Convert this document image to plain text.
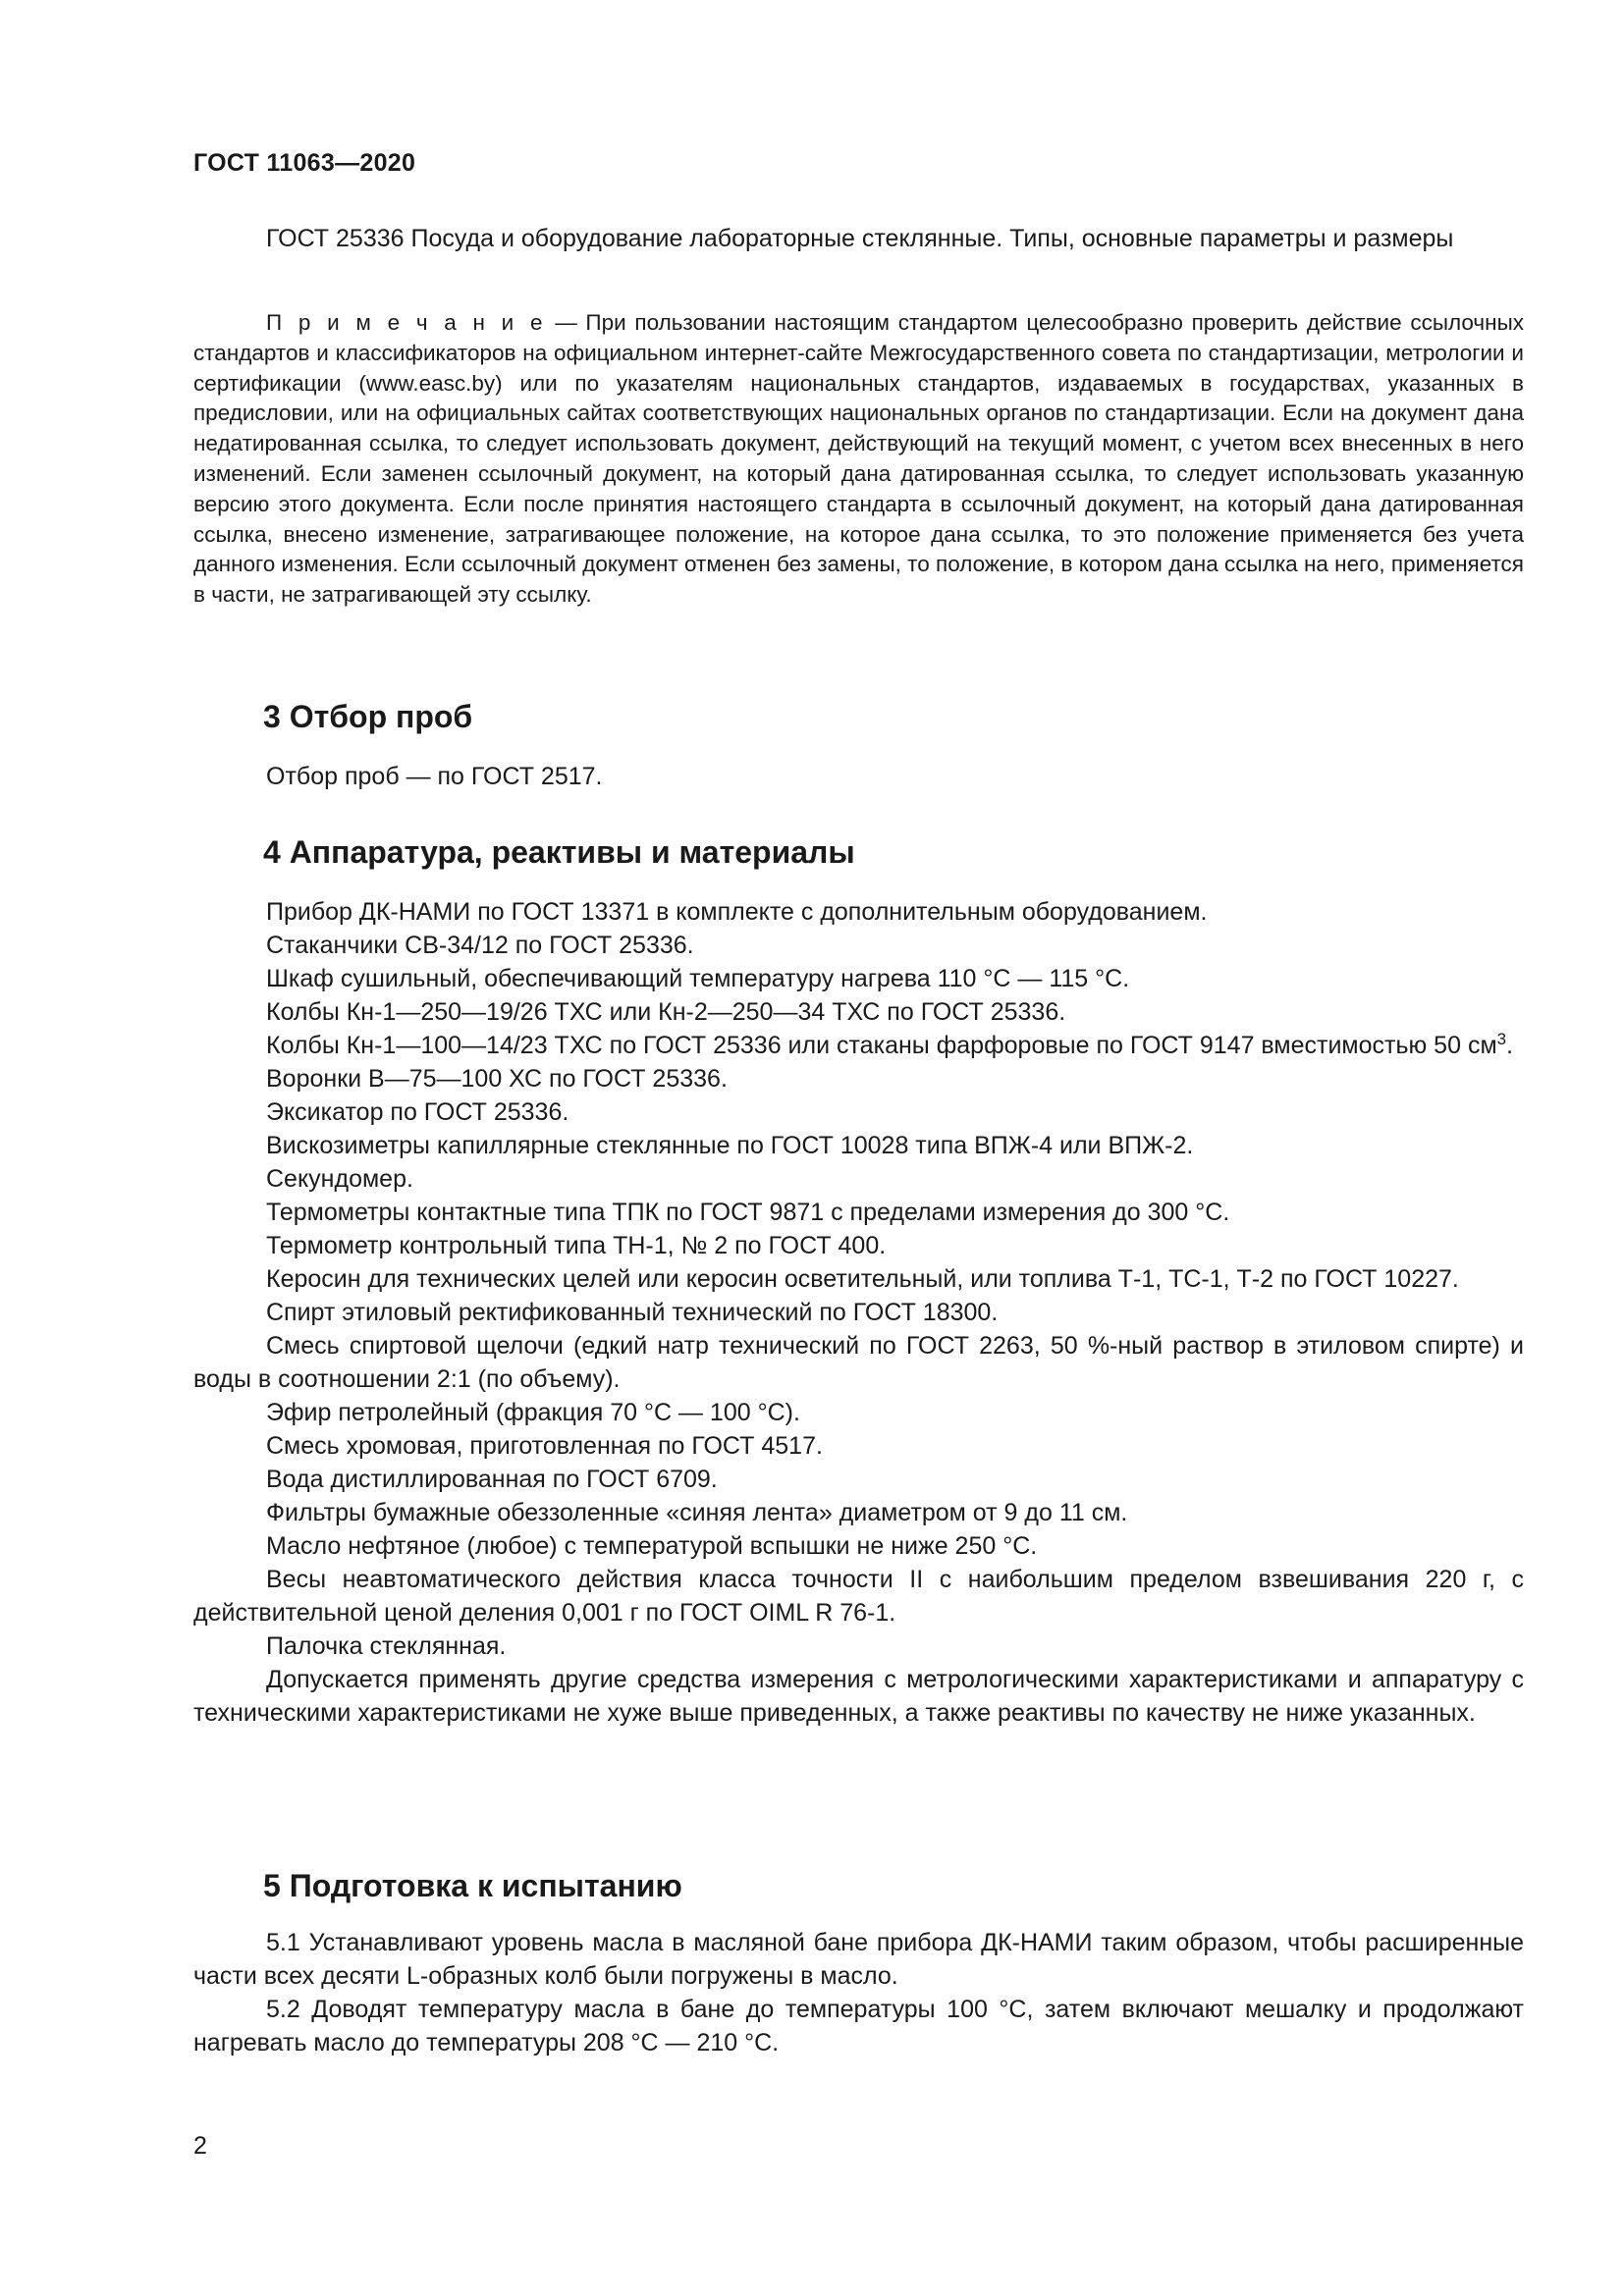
ГОСТ 11063—2020

ГОСТ 25336 Посуда и оборудование лабораторные стеклянные. Типы, основные параметры и размеры

П р и м е ч а н и е — При пользовании настоящим стандартом целесообразно проверить действие ссылочных стандартов и классификаторов на официальном интернет-сайте Межгосударственного совета по стандартизации, метрологии и сертификации (www.easc.by) или по указателям национальных стандартов, издаваемых в государствах, указанных в предисловии, или на официальных сайтах соответствующих национальных органов по стандартизации. Если на документ дана недатированная ссылка, то следует использовать документ, действующий на текущий момент, с учетом всех внесенных в него изменений. Если заменен ссылочный документ, на который дана датированная ссылка, то следует использовать указанную версию этого документа. Если после принятия настоящего стандарта в ссылочный документ, на который дана датированная ссылка, внесено изменение, затрагивающее положение, на которое дана ссылка, то это положение применяется без учета данного изменения. Если ссылочный документ отменен без замены, то положение, в котором дана ссылка на него, применяется в части, не затрагивающей эту ссылку.

3 Отбор проб

Отбор проб — по ГОСТ 2517.

4 Аппаратура, реактивы и материалы

Прибор ДК-НАМИ по ГОСТ 13371 в комплекте с дополнительным оборудованием.

Стаканчики СВ-34/12 по ГОСТ 25336.

Шкаф сушильный, обеспечивающий температуру нагрева 110 °С — 115 °С.

Колбы Кн-1—250—19/26 ТХС или Кн-2—250—34 ТХС по ГОСТ 25336.

Колбы Кн-1—100—14/23 ТХС по ГОСТ 25336 или стаканы фарфоровые по ГОСТ 9147 вместимостью 50 $см^3$.

Воронки В—75—100 ХС по ГОСТ 25336.

Эксикатор по ГОСТ 25336.

Вискозиметры капиллярные стеклянные по ГОСТ 10028 типа ВПЖ-4 или ВПЖ-2.

Секундомер.

Термометры контактные типа ТПК по ГОСТ 9871 с пределами измерения до 300 °С.

Термометр контрольный типа ТН-1, № 2 по ГОСТ 400.

Керосин для технических целей или керосин осветительный, или топлива Т-1, ТС-1, Т-2 по ГОСТ 10227.

Спирт этиловый ректификованный технический по ГОСТ 18300.

Смесь спиртовой щелочи (едкий натр технический по ГОСТ 2263, 50 %-ный раствор в этиловом спирте) и воды в соотношении 2:1 (по объему).

Эфир петролейный (фракция 70 °С — 100 °С).

Смесь хромовая, приготовленная по ГОСТ 4517.

Вода дистиллированная по ГОСТ 6709.

Фильтры бумажные обеззоленные «синяя лента» диаметром от 9 до 11 см.

Масло нефтяное (любое) с температурой вспышки не ниже 250 °С.

Весы неавтоматического действия класса точности II с наибольшим пределом взвешивания 220 г, с действительной ценой деления 0,001 г по ГОСТ OIML R 76-1.

Палочка стеклянная.

Допускается применять другие средства измерения с метрологическими характеристиками и аппаратуру с техническими характеристиками не хуже выше приведенных, а также реактивы по качеству не ниже указанных.

5 Подготовка к испытанию

5.1 Устанавливают уровень масла в масляной бане прибора ДК-НАМИ таким образом, чтобы расширенные части всех десяти L-образных колб были погружены в масло.

5.2 Доводят температуру масла в бане до температуры 100 °С, затем включают мешалку и продолжают нагревать масло до температуры 208 °С — 210 °С.

2
